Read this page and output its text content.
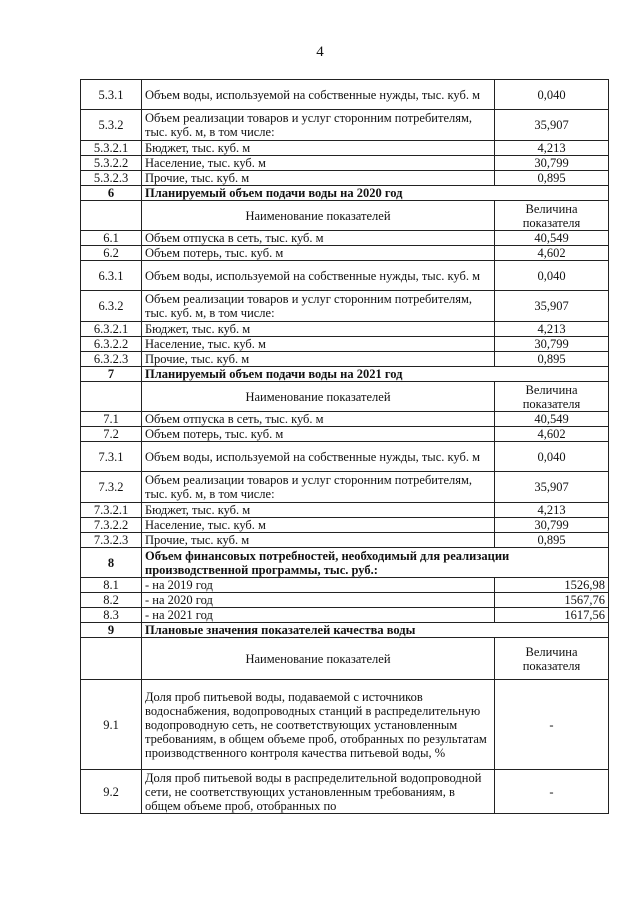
4
5.3.1	Объем воды, используемой на собственные нужды, тыс. куб. м	0,040
5.3.2	Объем реализации товаров и услуг сторонним потребителям, тыс. куб. м, в том числе:	35,907
5.3.2.1	Бюджет, тыс. куб. м	4,213
5.3.2.2	Население, тыс. куб. м	30,799
5.3.2.3	Прочие, тыс. куб. м	0,895
6	Планируемый объем подачи воды на 2020 год	
	Наименование показателей	Величина показателя
6.1	Объем отпуска в сеть, тыс. куб. м	40,549
6.2	Объем потерь, тыс. куб. м	4,602
6.3.1	Объем воды, используемой на собственные нужды, тыс. куб. м	0,040
6.3.2	Объем реализации товаров и услуг сторонним потребителям, тыс. куб. м, в том числе:	35,907
6.3.2.1	Бюджет, тыс. куб. м	4,213
6.3.2.2	Население, тыс. куб. м	30,799
6.3.2.3	Прочие, тыс. куб. м	0,895
7	Планируемый объем подачи воды на 2021 год	
	Наименование показателей	Величина показателя
7.1	Объем отпуска в сеть, тыс. куб. м	40,549
7.2	Объем потерь, тыс. куб. м	4,602
7.3.1	Объем воды, используемой на собственные нужды, тыс. куб. м	0,040
7.3.2	Объем реализации товаров и услуг сторонним потребителям, тыс. куб. м, в том числе:	35,907
7.3.2.1	Бюджет, тыс. куб. м	4,213
7.3.2.2	Население, тыс. куб. м	30,799
7.3.2.3	Прочие, тыс. куб. м	0,895
8	Объем финансовых потребностей, необходимый для реализации производственной программы, тыс. руб.:	
8.1	- на 2019 год	1526,98
8.2	- на 2020 год	1567,76
8.3	- на 2021 год	1617,56
9	Плановые значения показателей качества воды	
	Наименование показателей	Величина показателя
9.1	Доля проб питьевой воды, подаваемой с источников водоснабжения, водопроводных станций в распределительную водопроводную сеть, не соответствующих установленным требованиям, в общем объеме проб, отобранных по результатам производственного контроля качества питьевой воды, %	-
9.2	Доля проб питьевой воды в распределительной водопроводной сети, не соответствующих установленным требованиям, в общем объеме проб, отобранных по	-
